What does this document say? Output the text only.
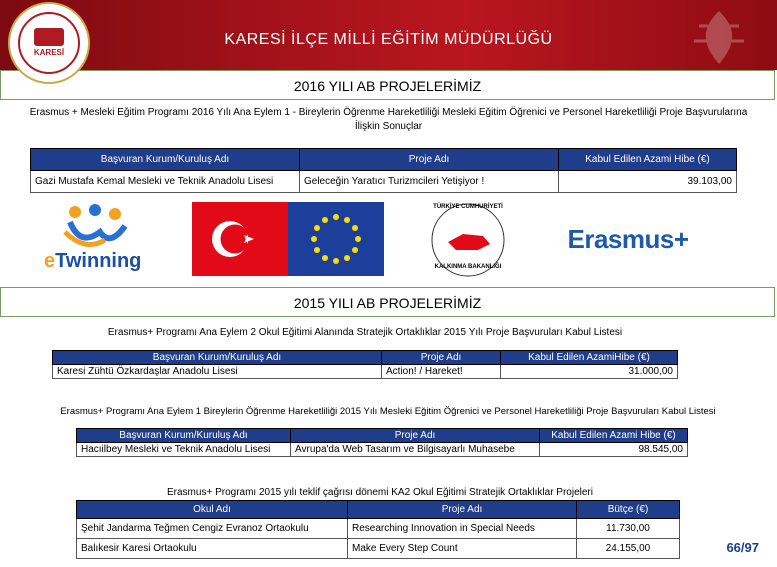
KARESİ
KARESİ İLÇE MİLLİ EĞİTİM MÜDÜRLÜĞÜ
2016 YILI AB PROJELERİMİZ
Erasmus + Mesleki Eğitim Programı 2016 Yılı Ana Eylem 1 - Bireylerin Öğrenme Hareketliliği Mesleki Eğitim Öğrenici ve Personel Hareketliliği Proje Başvurularına İlişkin Sonuçlar
Başvuran Kurum/Kuruluş Adı	Proje Adı	Kabul Edilen Azami Hibe (€)
Gazi Mustafa Kemal Mesleki ve Teknik Anadolu Lisesi	Geleceğin Yaratıcı Turizmcileri Yetişiyor !	39.103,00
eTwinning
TÜRKİYE CUMHURİYETİ
KALKINMA BAKANLIĞI
Erasmus+
2015 YILI AB PROJELERİMİZ
Erasmus+ Programı Ana Eylem 2 Okul Eğitimi Alanında Stratejik Ortaklıklar 2015 Yılı Proje Başvuruları Kabul Listesi
Başvuran Kurum/Kuruluş Adı	Proje Adı	Kabul Edilen AzamiHibe (€)
Karesi Zühtü Özkardaşlar Anadolu Lisesi	Action! / Hareket!	31.000,00
Erasmus+ Programı Ana Eylem 1 Bireylerin Öğrenme Hareketliliği 2015 Yılı Mesleki Eğitim Öğrenici ve Personel Hareketliliği Proje Başvuruları Kabul Listesi
Başvuran Kurum/Kuruluş Adı	Proje Adı	Kabul Edilen Azami Hibe (€)
Hacıilbey Mesleki ve Teknik Anadolu Lisesi	Avrupa'da Web Tasarım ve Bilgisayarlı Muhasebe	98.545,00
Erasmus+ Programı 2015 yılı teklif çağrısı dönemi KA2 Okul Eğitimi Stratejik Ortaklıklar Projeleri
Okul Adı	Proje Adı	Bütçe (€)
Şehit Jandarma Teğmen Cengiz Evranoz Ortaokulu	Researching Innovation in Special Needs	11.730,00
Balıkesir Karesi Ortaokulu	Make Every Step Count	24.155,00	66/97
